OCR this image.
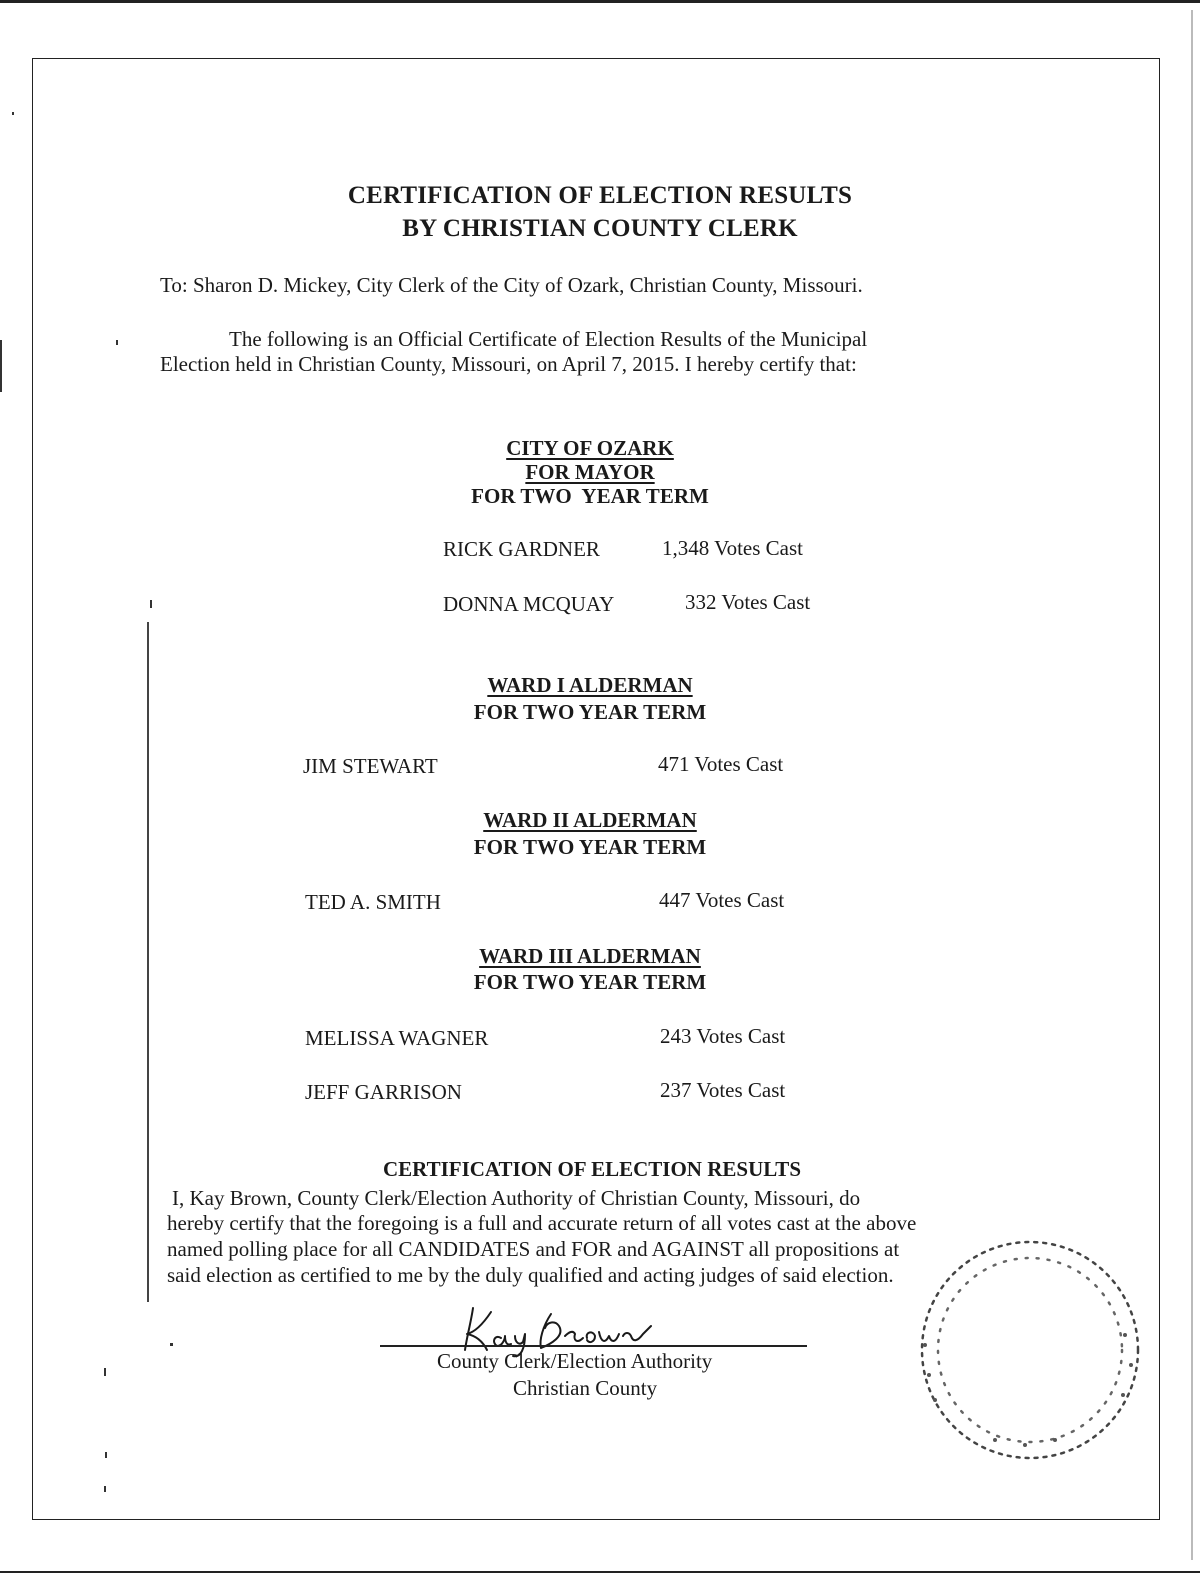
CERTIFICATION OF ELECTION RESULTS
BY CHRISTIAN COUNTY CLERK
To: Sharon D. Mickey, City Clerk of the City of Ozark, Christian County, Missouri.
The following is an Official Certificate of Election Results of the Municipal
Election held in Christian County, Missouri, on April 7, 2015. I hereby certify that:
CITY OF OZARK
FOR MAYOR
FOR TWO  YEAR TERM
RICK GARDNER	1,348 Votes Cast
DONNA MCQUAY	332 Votes Cast
WARD I ALDERMAN
FOR TWO YEAR TERM
JIM STEWART	471 Votes Cast
WARD II ALDERMAN
FOR TWO YEAR TERM
TED A. SMITH	447 Votes Cast
WARD III ALDERMAN
FOR TWO YEAR TERM
MELISSA WAGNER	243 Votes Cast
JEFF GARRISON	237 Votes Cast
CERTIFICATION OF ELECTION RESULTS
I, Kay Brown, County Clerk/Election Authority of Christian County, Missouri, do
hereby certify that the foregoing is a full and accurate return of all votes cast at the above
named polling place for all CANDIDATES and FOR and AGAINST all propositions at
said election as certified to me by the duly qualified and acting judges of said election.
County Clerk/Election Authority
Christian County
